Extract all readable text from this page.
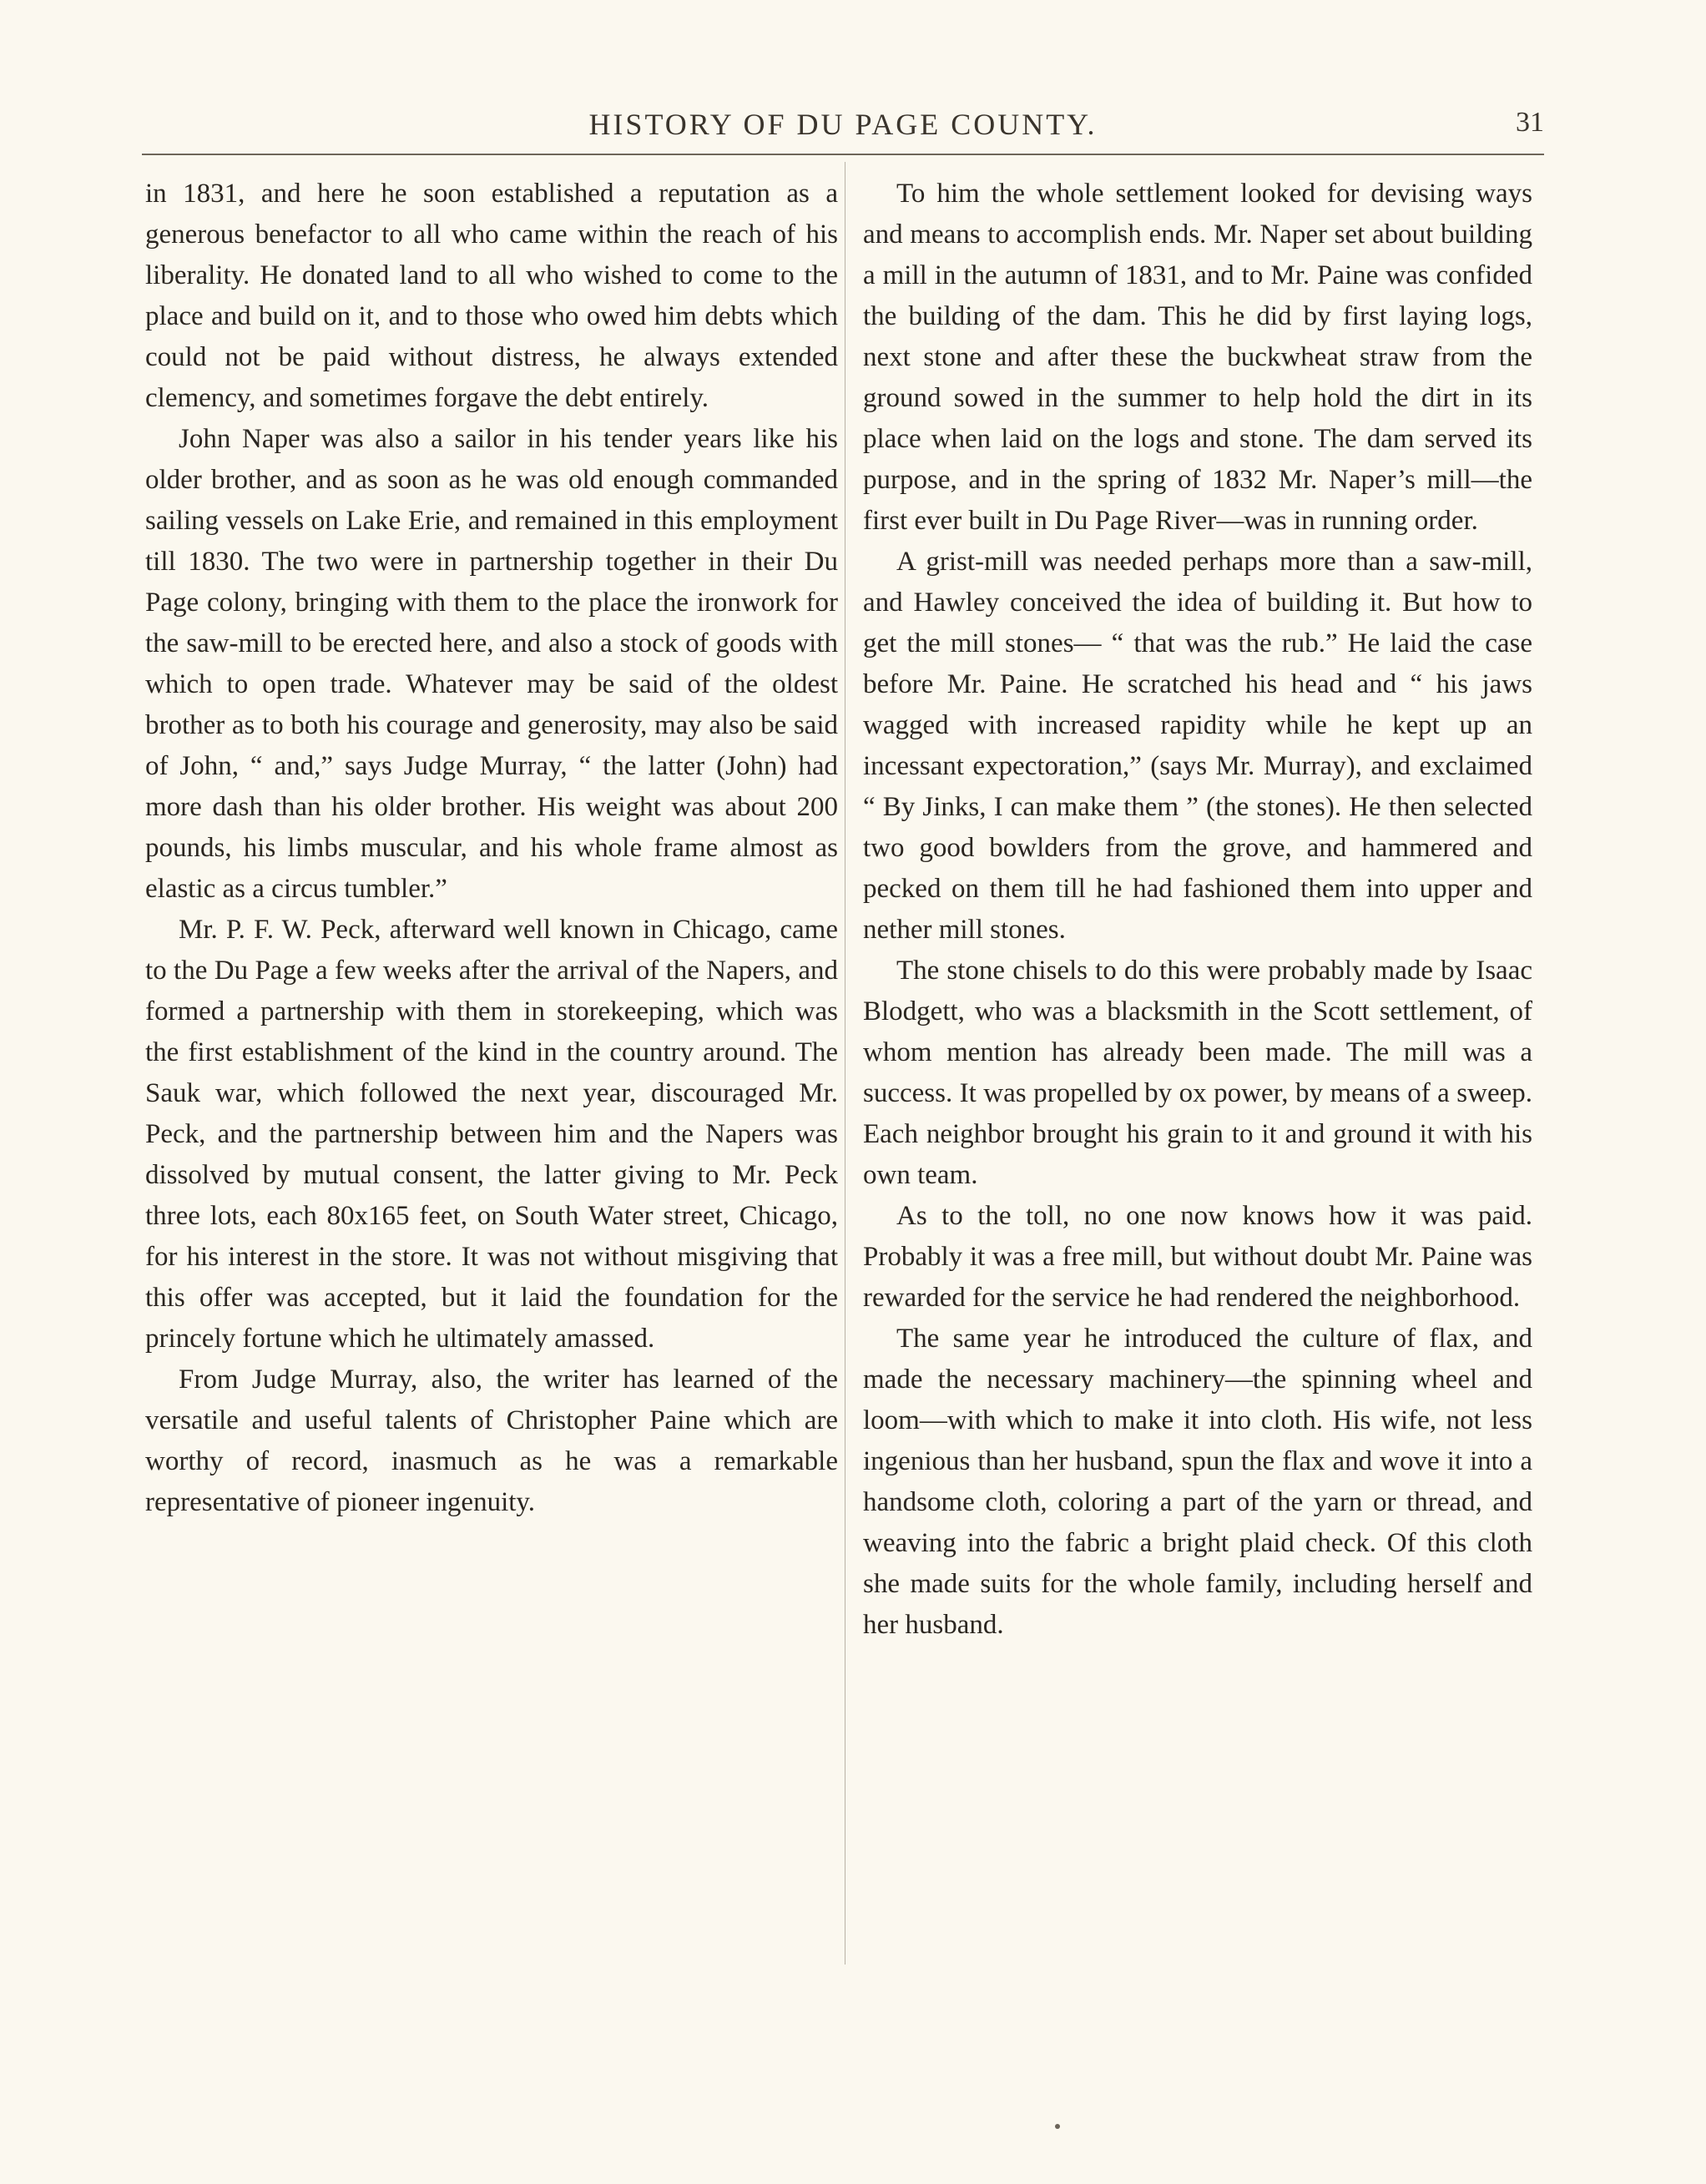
HISTORY OF DU PAGE COUNTY.	31

in 1831, and here he soon established a reputation as a generous benefactor to all who came within the reach of his liberality. He donated land to all who wished to come to the place and build on it, and to those who owed him debts which could not be paid without distress, he always extended clemency, and sometimes forgave the debt entirely.

John Naper was also a sailor in his tender years like his older brother, and as soon as he was old enough commanded sailing vessels on Lake Erie, and remained in this employment till 1830. The two were in partnership together in their Du Page colony, bringing with them to the place the ironwork for the saw-mill to be erected here, and also a stock of goods with which to open trade. Whatever may be said of the oldest brother as to both his courage and generosity, may also be said of John, “ and,” says Judge Murray, “ the latter (John) had more dash than his older brother. His weight was about 200 pounds, his limbs muscular, and his whole frame almost as elastic as a circus tumbler.”

Mr. P. F. W. Peck, afterward well known in Chicago, came to the Du Page a few weeks after the arrival of the Napers, and formed a partnership with them in storekeeping, which was the first establishment of the kind in the country around. The Sauk war, which followed the next year, discouraged Mr. Peck, and the partnership between him and the Napers was dissolved by mutual consent, the latter giving to Mr. Peck three lots, each 80x165 feet, on South Water street, Chicago, for his interest in the store. It was not without misgiving that this offer was accepted, but it laid the foundation for the princely fortune which he ultimately amassed.

From Judge Murray, also, the writer has learned of the versatile and useful talents of Christopher Paine which are worthy of record, inasmuch as he was a remarkable representative of pioneer ingenuity.

To him the whole settlement looked for devising ways and means to accomplish ends. Mr. Naper set about building a mill in the autumn of 1831, and to Mr. Paine was confided the building of the dam. This he did by first laying logs, next stone and after these the buckwheat straw from the ground sowed in the summer to help hold the dirt in its place when laid on the logs and stone. The dam served its purpose, and in the spring of 1832 Mr. Naper’s mill—the first ever built in Du Page River—was in running order.

A grist-mill was needed perhaps more than a saw-mill, and Hawley conceived the idea of building it. But how to get the mill stones— “ that was the rub.” He laid the case before Mr. Paine. He scratched his head and “ his jaws wagged with increased rapidity while he kept up an incessant expectoration,” (says Mr. Murray), and exclaimed “ By Jinks, I can make them ” (the stones). He then selected two good bowlders from the grove, and hammered and pecked on them till he had fashioned them into upper and nether mill stones.

The stone chisels to do this were probably made by Isaac Blodgett, who was a blacksmith in the Scott settlement, of whom mention has already been made. The mill was a success. It was propelled by ox power, by means of a sweep. Each neighbor brought his grain to it and ground it with his own team.

As to the toll, no one now knows how it was paid. Probably it was a free mill, but without doubt Mr. Paine was rewarded for the service he had rendered the neighborhood.

The same year he introduced the culture of flax, and made the necessary machinery—the spinning wheel and loom—with which to make it into cloth. His wife, not less ingenious than her husband, spun the flax and wove it into a handsome cloth, coloring a part of the yarn or thread, and weaving into the fabric a bright plaid check. Of this cloth she made suits for the whole family, including herself and her husband.
